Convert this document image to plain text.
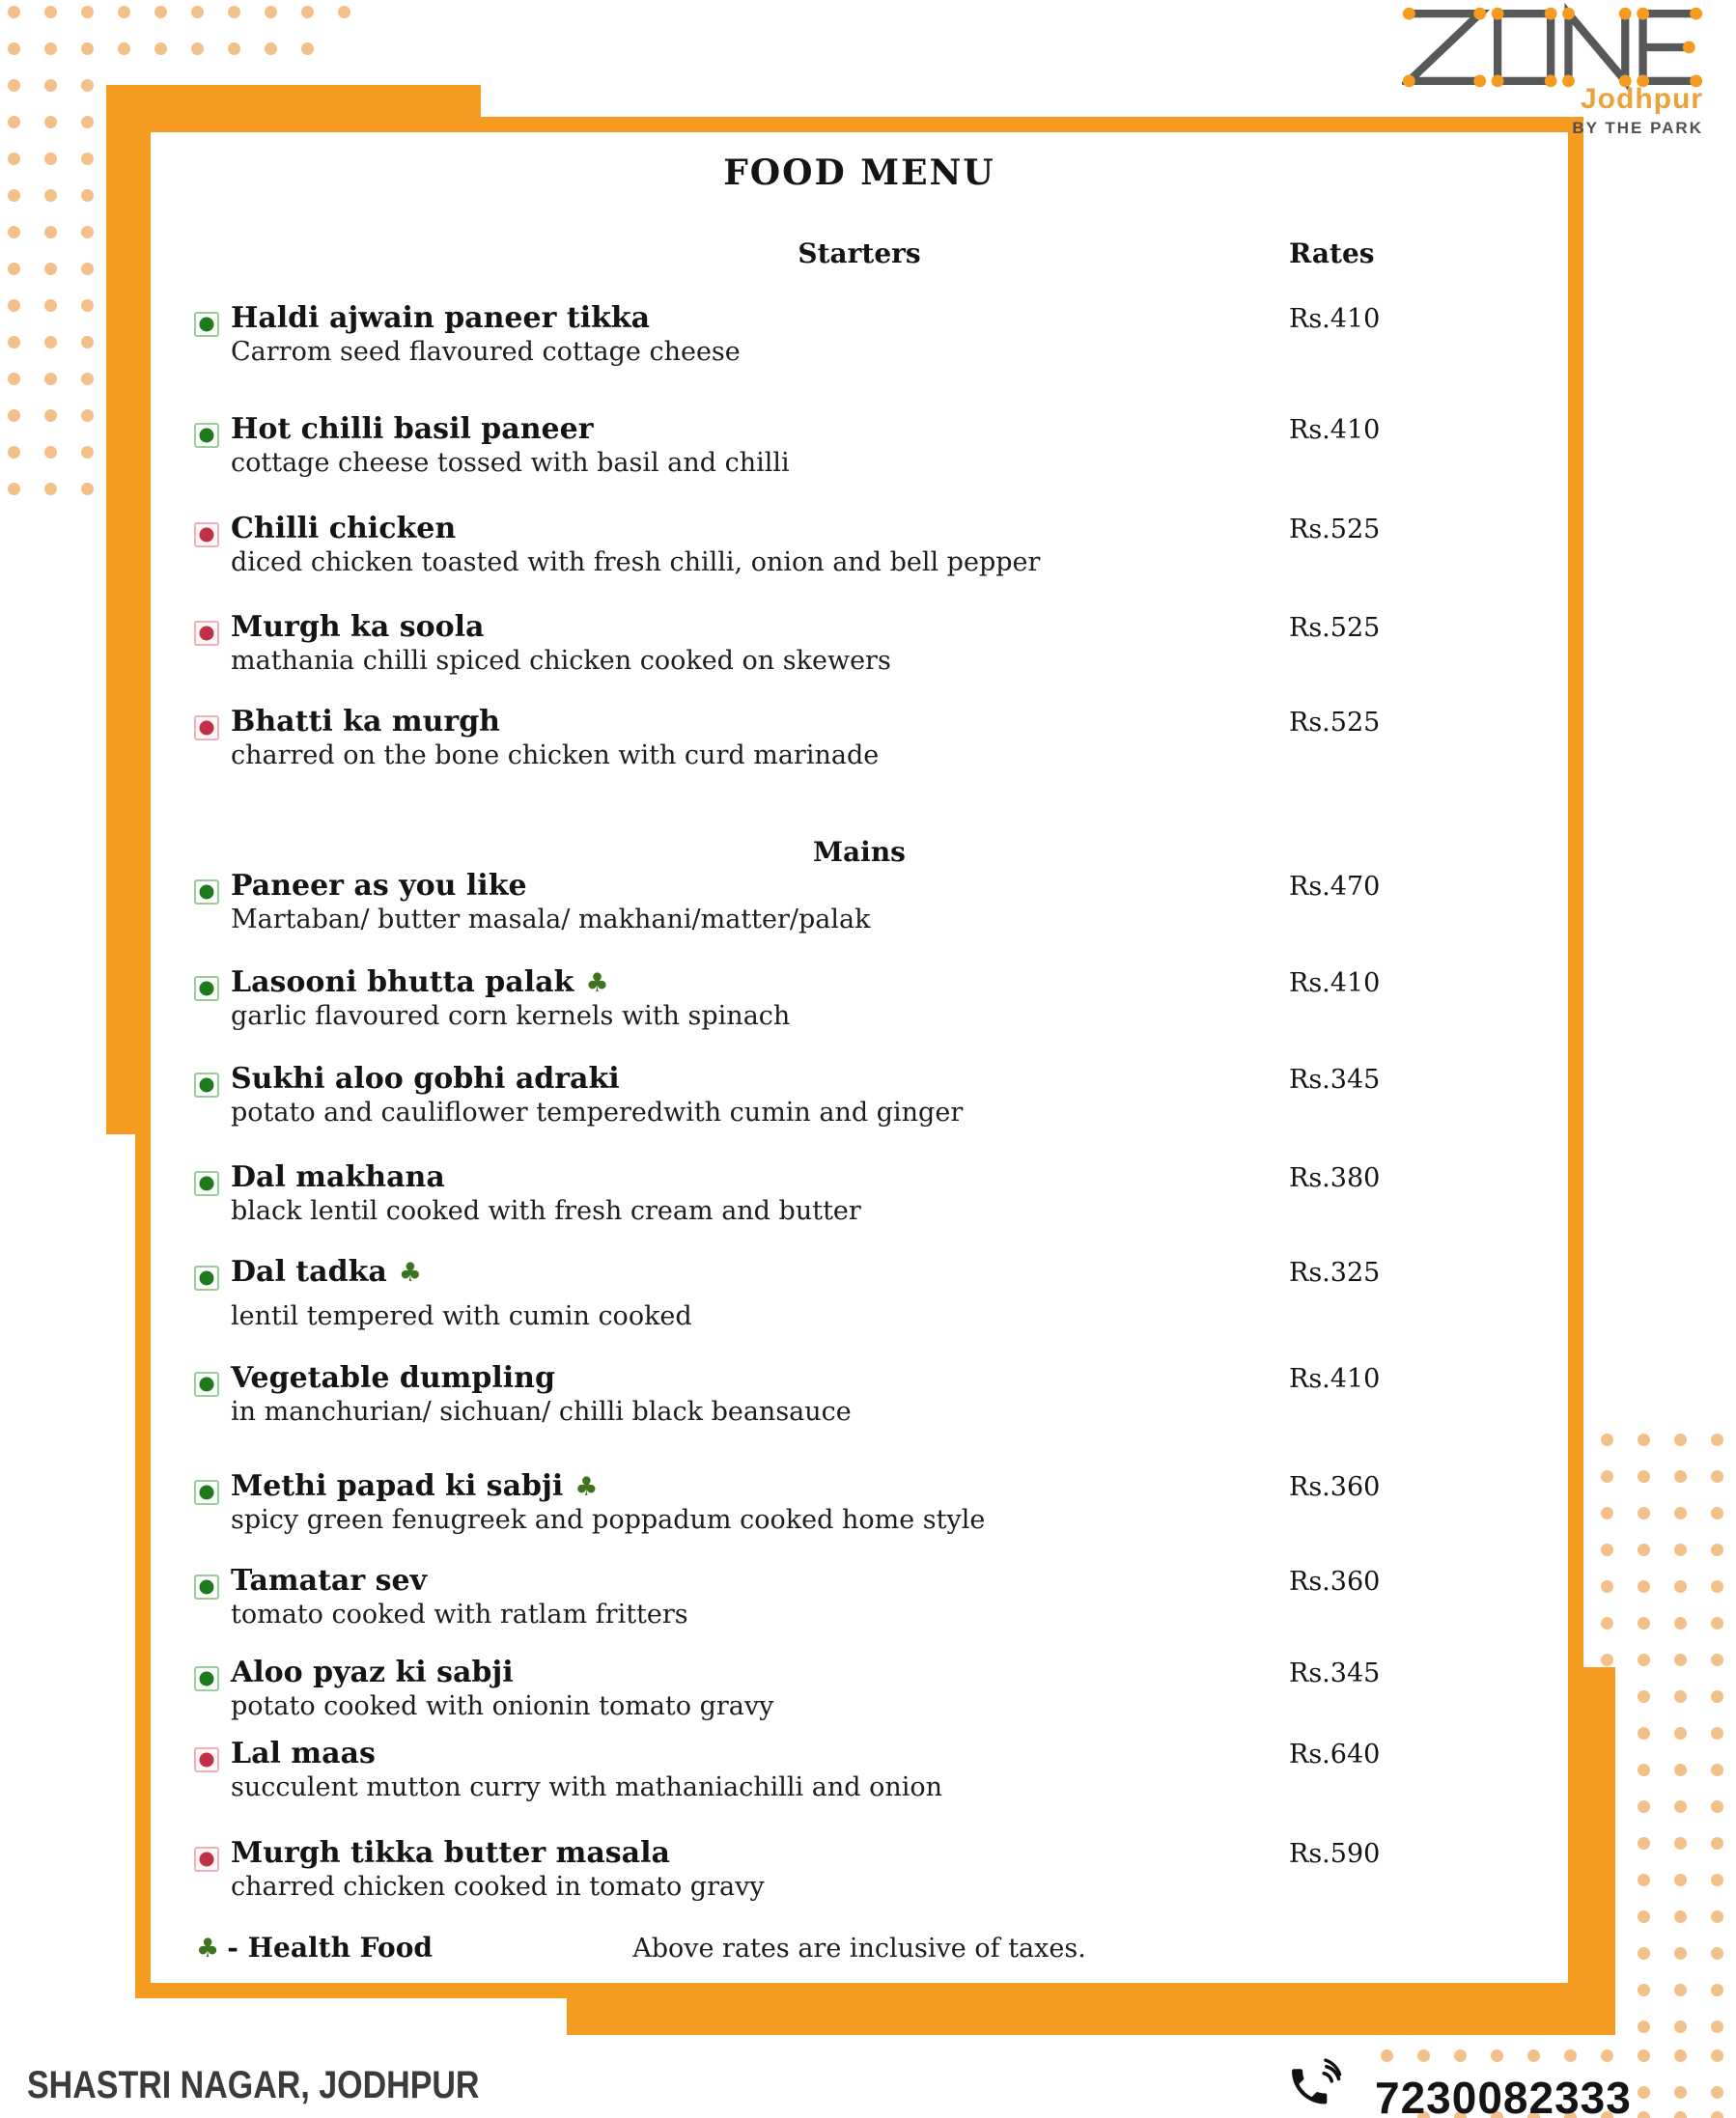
Jodhpur
BY THE PARK
FOOD MENU
Starters	Rates
Mains
Haldi ajwain paneer tikka
Carrom seed flavoured cottage cheese
Rs.410
Hot chilli basil paneer
cottage cheese tossed with basil and chilli
Rs.410
Chilli chicken
diced chicken toasted with fresh chilli, onion and bell pepper
Rs.525
Murgh ka soola
mathania chilli spiced chicken cooked on skewers
Rs.525
Bhatti ka murgh
charred on the bone chicken with curd marinade
Rs.525
Paneer as you like
Martaban/ butter masala/ makhani/matter/palak
Rs.470
Lasooni bhutta palak ♣
garlic flavoured corn kernels with spinach
Rs.410
Sukhi aloo gobhi adraki
potato and cauliflower temperedwith cumin and ginger
Rs.345
Dal makhana
black lentil cooked with fresh cream and butter
Rs.380
Dal tadka ♣
lentil tempered with cumin cooked
Rs.325
Vegetable dumpling
in manchurian/ sichuan/ chilli black beansauce
Rs.410
Methi papad ki sabji ♣
spicy green fenugreek and poppadum cooked home style
Rs.360
Tamatar sev
tomato cooked with ratlam fritters
Rs.360
Aloo pyaz ki sabji
potato cooked with onionin tomato gravy
Rs.345
Lal maas
succulent mutton curry with mathaniachilli and onion
Rs.640
Murgh tikka butter masala
charred chicken cooked in tomato gravy
Rs.590
Above rates are inclusive of taxes.
♣ - Health Food
SHASTRI NAGAR, JODHPUR	7230082333
